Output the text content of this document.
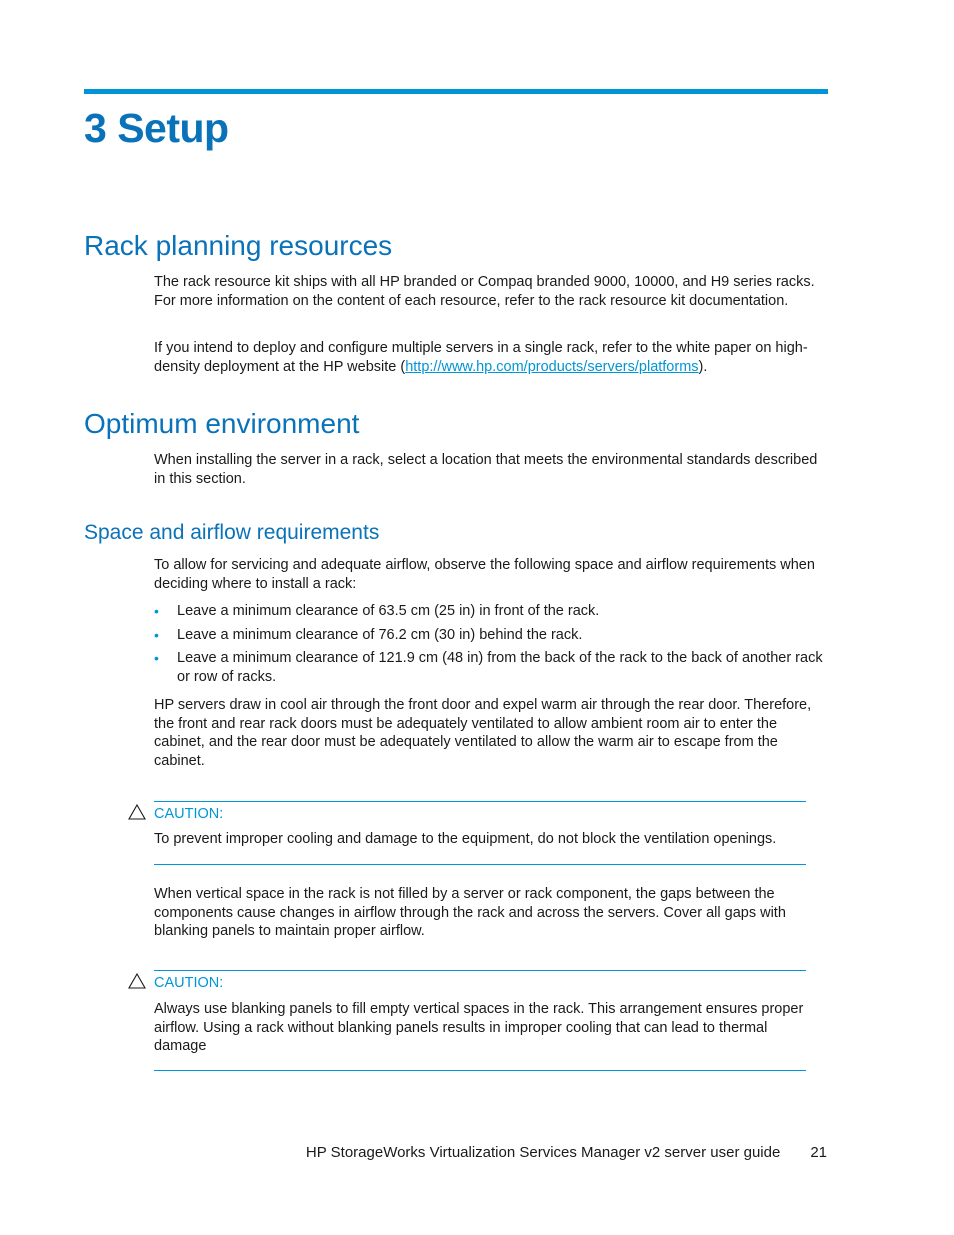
3 Setup
Rack planning resources

The rack resource kit ships with all HP branded or Compaq branded 9000, 10000, and H9 series racks. For more information on the content of each resource, refer to the rack resource kit documentation.

If you intend to deploy and configure multiple servers in a single rack, refer to the white paper on high-density deployment at the HP website (http://www.hp.com/products/servers/platforms).

Optimum environment

When installing the server in a rack, select a location that meets the environmental standards described in this section.

Space and airflow requirements

To allow for servicing and adequate airflow, observe the following space and airflow requirements when deciding where to install a rack:

• Leave a minimum clearance of 63.5 cm (25 in) in front of the rack.
• Leave a minimum clearance of 76.2 cm (30 in) behind the rack.
• Leave a minimum clearance of 121.9 cm (48 in) from the back of the rack to the back of another rack or row of racks.

HP servers draw in cool air through the front door and expel warm air through the rear door. Therefore, the front and rear rack doors must be adequately ventilated to allow ambient room air to enter the cabinet, and the rear door must be adequately ventilated to allow the warm air to escape from the cabinet.

CAUTION:

To prevent improper cooling and damage to the equipment, do not block the ventilation openings.

When vertical space in the rack is not filled by a server or rack component, the gaps between the components cause changes in airflow through the rack and across the servers. Cover all gaps with blanking panels to maintain proper airflow.

CAUTION:

Always use blanking panels to fill empty vertical spaces in the rack. This arrangement ensures proper airflow. Using a rack without blanking panels results in improper cooling that can lead to thermal damage

HP StorageWorks Virtualization Services Manager v2 server user guide 21
